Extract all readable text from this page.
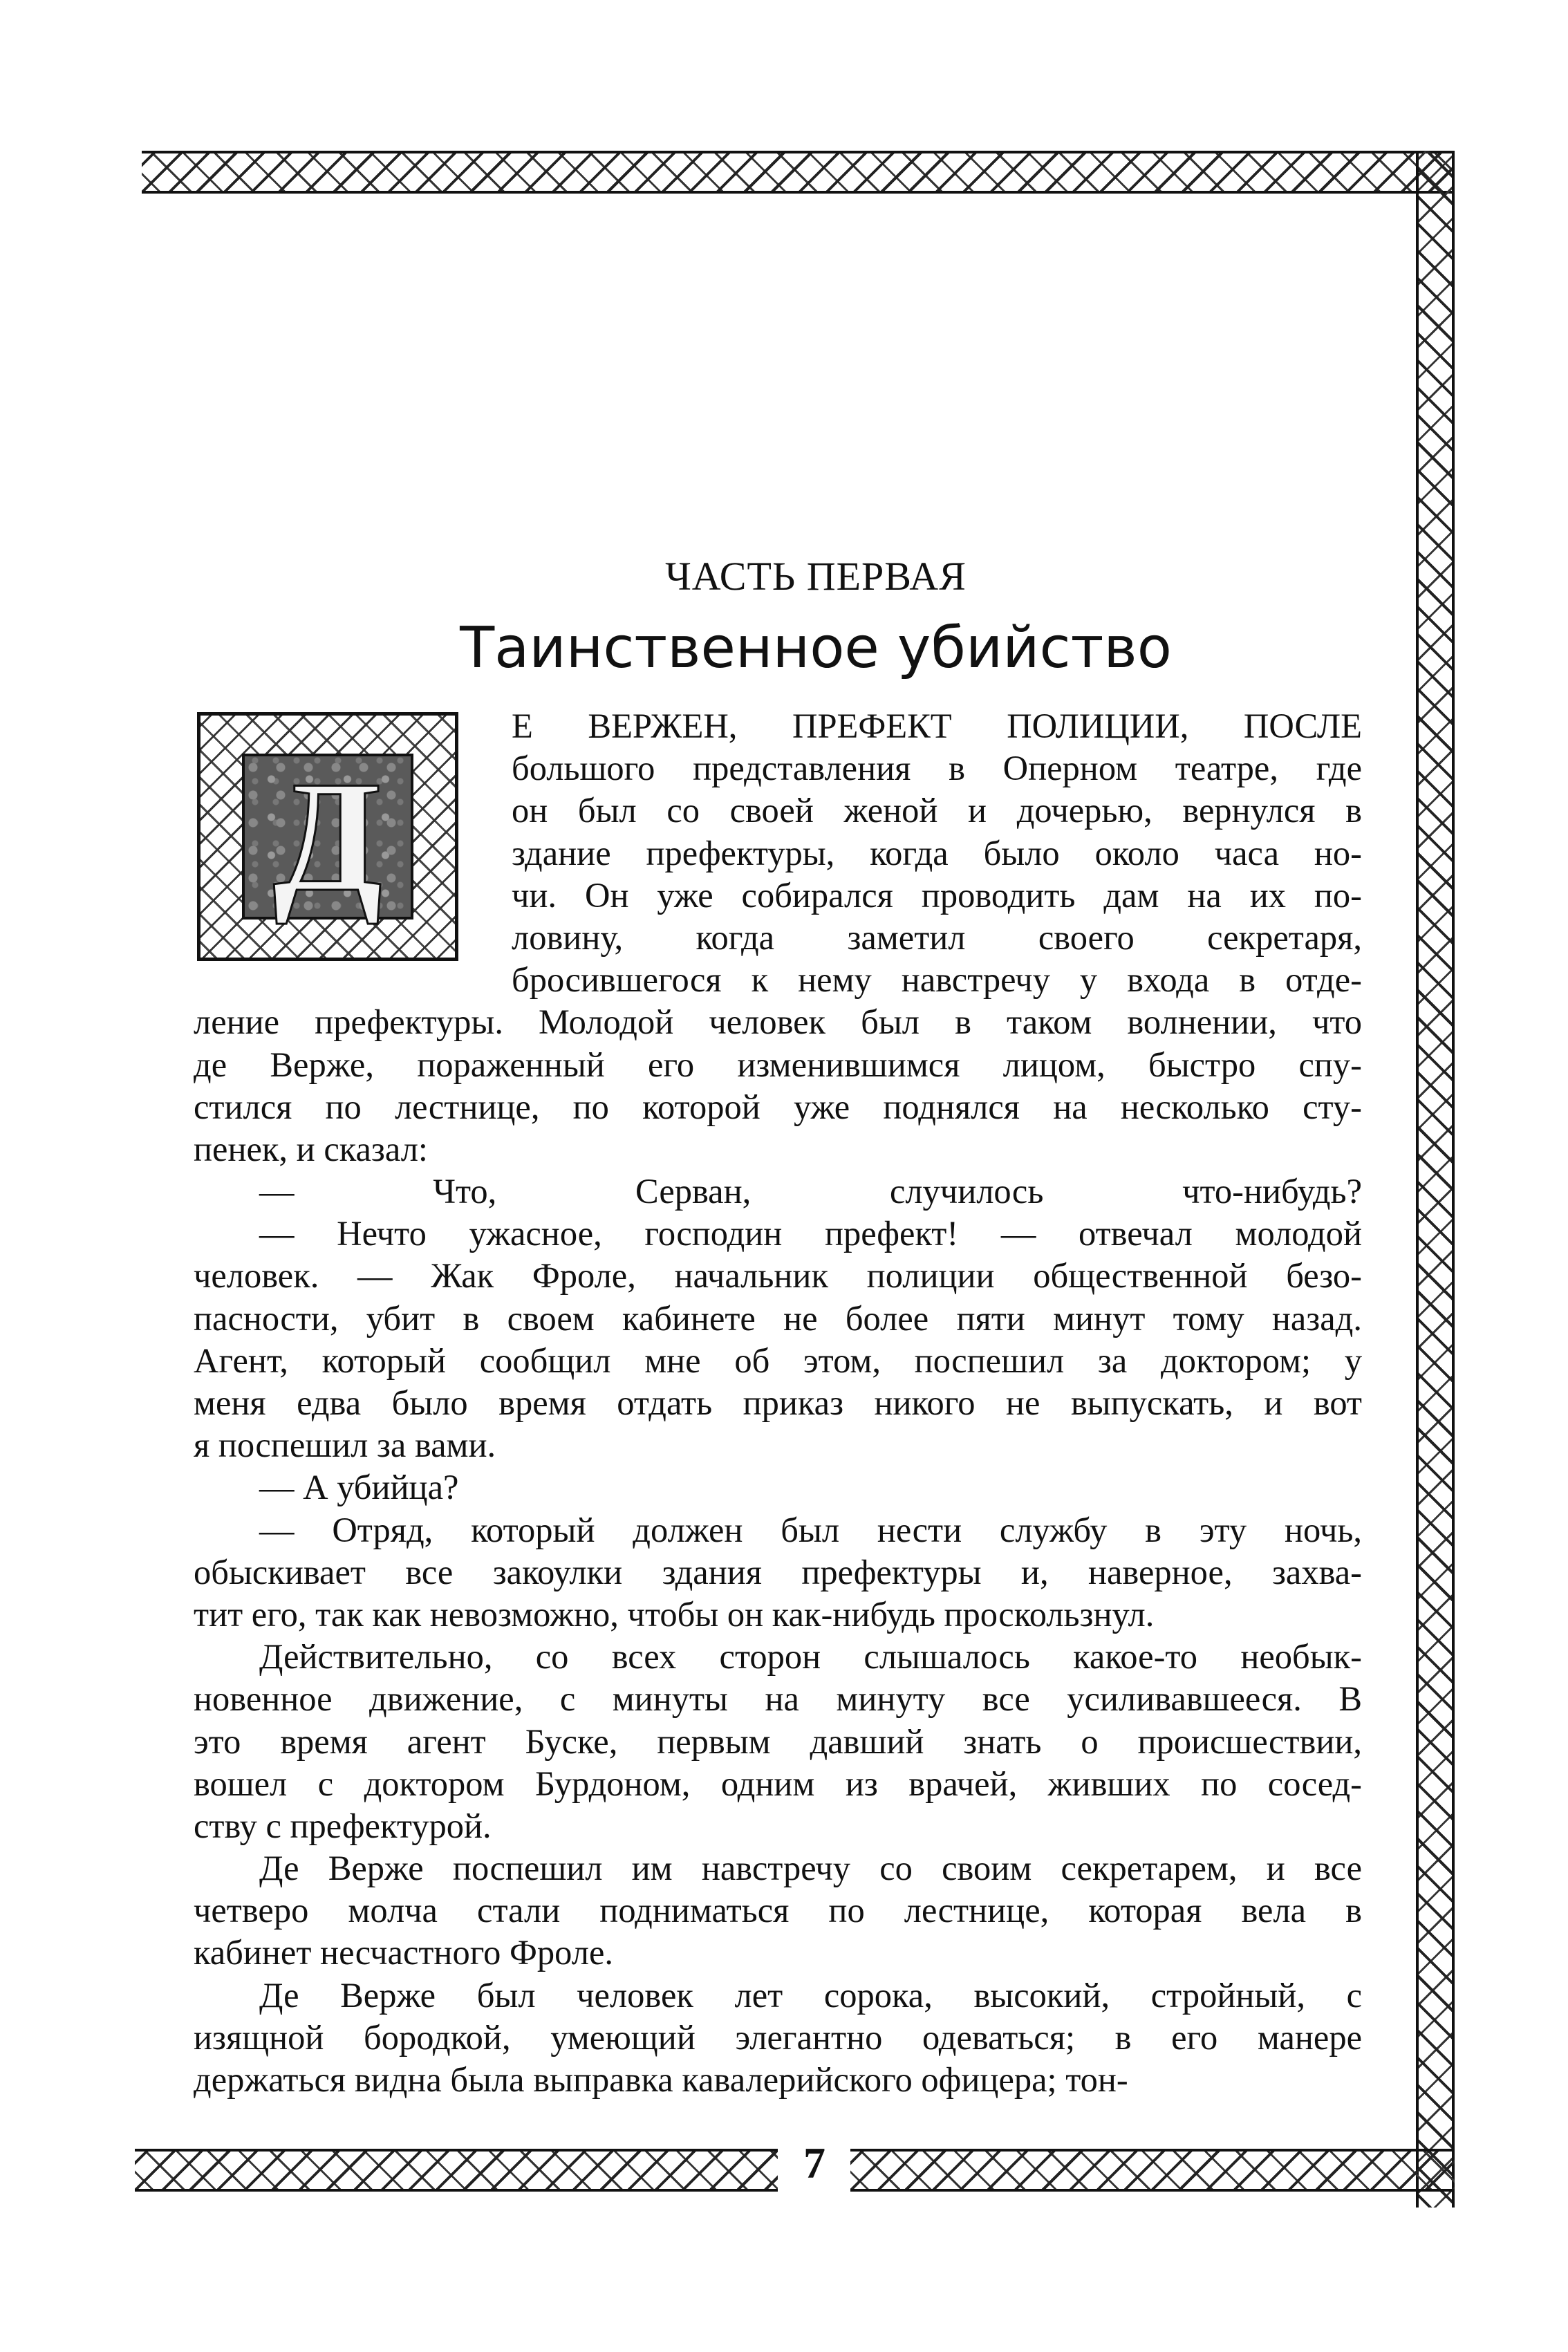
ЧАСТЬ ПЕРВАЯ
Таинственное убийство
Д
Е ВЕРЖЕН, ПРЕФЕКТ ПОЛИЦИИ, ПОСЛЕ
большого представления в Оперном театре, где
он был со своей женой и дочерью, вернулся в
здание префектуры, когда было около часа но-
чи. Он уже собирался проводить дам на их по-
ловину, когда заметил своего секретаря,
бросившегося к нему навстречу у входа в отде-
ление префектуры. Молодой человек был в таком волнении, что
де Верже, пораженный его изменившимся лицом, быстро спу-
стился по лестнице, по которой уже поднялся на несколько сту-
пенек, и сказал:
— Что, Серван, случилось что-нибудь?
— Нечто ужасное, господин префект! — отвечал молодой
человек. — Жак Фроле, начальник полиции общественной безо-
пасности, убит в своем кабинете не более пяти минут тому назад.
Агент, который сообщил мне об этом, поспешил за доктором; у
меня едва было время отдать приказ никого не выпускать, и вот
я поспешил за вами.
— А убийца?
— Отряд, который должен был нести службу в эту ночь,
обыскивает все закоулки здания префектуры и, наверное, захва-
тит его, так как невозможно, чтобы он как-нибудь проскользнул.
Действительно, со всех сторон слышалось какое-то необык-
новенное движение, с минуты на минуту все усиливавшееся. В
это время агент Буске, первым давший знать о происшествии,
вошел с доктором Бурдоном, одним из врачей, живших по сосед-
ству с префектурой.
Де Верже поспешил им навстречу со своим секретарем, и все
четверо молча стали подниматься по лестнице, которая вела в
кабинет несчастного Фроле.
Де Верже был человек лет сорока, высокий, стройный, с
изящной бородкой, умеющий элегантно одеваться; в его манере
держаться видна была выправка кавалерийского офицера; тон-
7
